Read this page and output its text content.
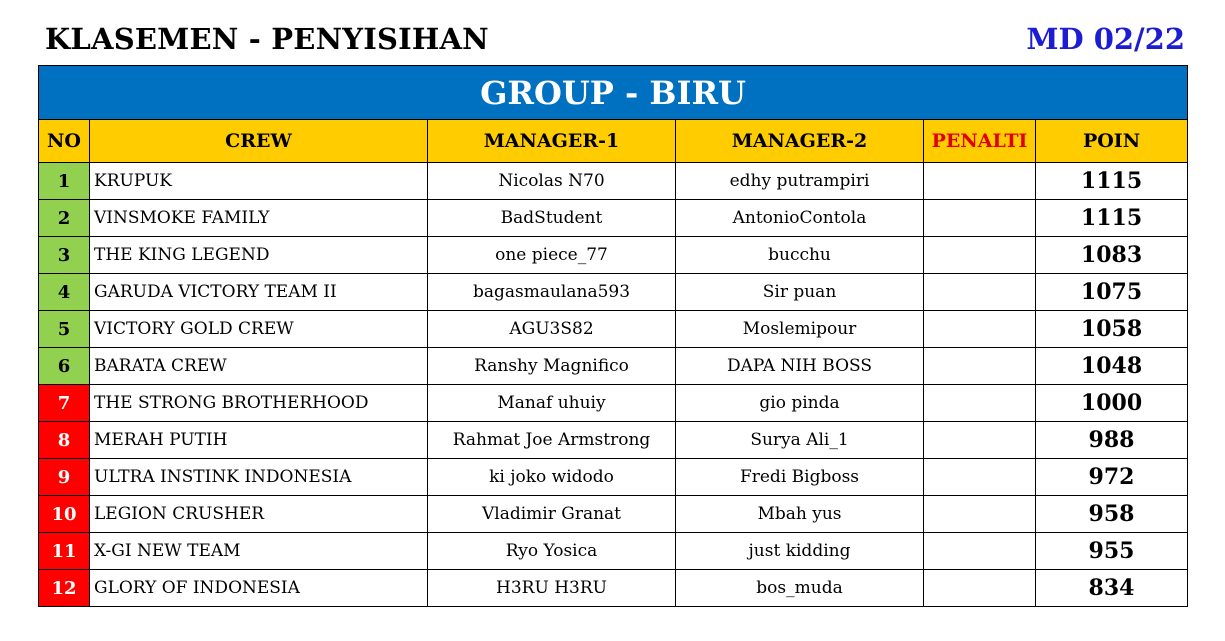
KLASEMEN - PENYISIHAN	MD 02/22
GROUP - BIRU					
NO	CREW	MANAGER-1	MANAGER-2	PENALTI	POIN
1	KRUPUK	Nicolas N70	edhy putrampiri		1115
2	VINSMOKE FAMILY	BadStudent	AntonioContola		1115
3	THE KING LEGEND	one piece_77	bucchu		1083
4	GARUDA VICTORY TEAM II	bagasmaulana593	Sir puan		1075
5	VICTORY GOLD CREW	AGU3S82	Moslemipour		1058
6	BARATA CREW	Ranshy Magnifico	DAPA NIH BOSS		1048
7	THE STRONG BROTHERHOOD	Manaf uhuiy	gio pinda		1000
8	MERAH PUTIH	Rahmat Joe Armstrong	Surya Ali_1		988
9	ULTRA INSTINK INDONESIA	ki joko widodo	Fredi Bigboss		972
10	LEGION CRUSHER	Vladimir Granat	Mbah yus		958
11	X-GI NEW TEAM	Ryo Yosica	just kidding		955
12	GLORY OF INDONESIA	H3RU H3RU	bos_muda		834
